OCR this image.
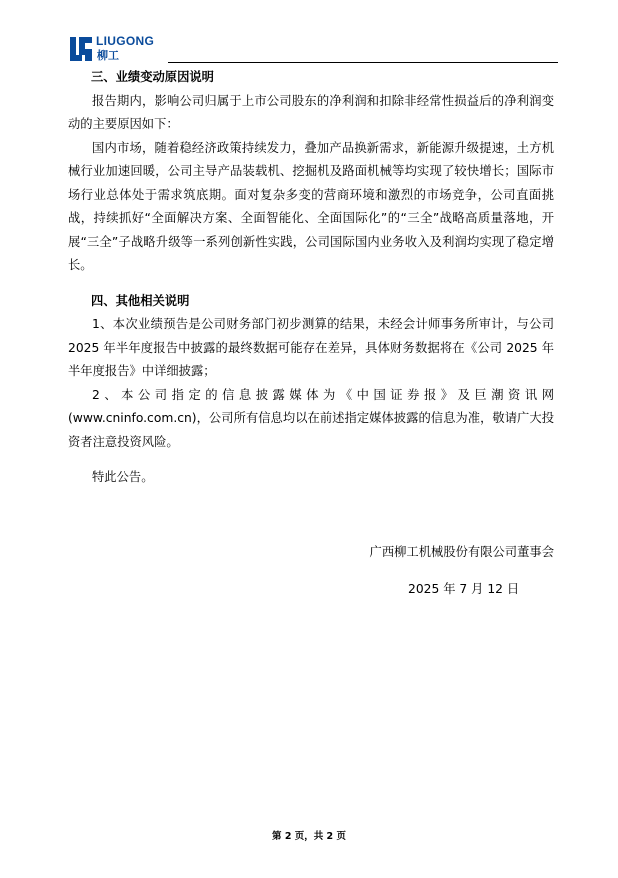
LIUGONG
柳工

三、业绩变动原因说明

报告期内，影响公司归属于上市公司股东的净利润和扣除非经常性损益后的净利润变动的主要原因如下：

国内市场，随着稳经济政策持续发力，叠加产品换新需求，新能源升级提速，土方机械行业加速回暖，公司主导产品装载机、挖掘机及路面机械等均实现了较快增长；国际市场行业总体处于需求筑底期。面对复杂多变的营商环境和激烈的市场竞争，公司直面挑战，持续抓好“全面解决方案、全面智能化、全面国际化”的“三全”战略高质量落地，开展“三全”子战略升级等一系列创新性实践，公司国际国内业务收入及利润均实现了稳定增长。

四、其他相关说明

1、本次业绩预告是公司财务部门初步测算的结果，未经会计师事务所审计，与公司 2025 年半年度报告中披露的最终数据可能存在差异，具体财务数据将在《公司 2025 年半年度报告》中详细披露；

2、本公司指定的信息披露媒体为《中国证券报》及巨潮资讯网(www.cninfo.com.cn)，公司所有信息均以在前述指定媒体披露的信息为准，敬请广大投资者注意投资风险。

特此公告。

广西柳工机械股份有限公司董事会
2025 年 7 月 12 日
第 2 页，共 2 页
